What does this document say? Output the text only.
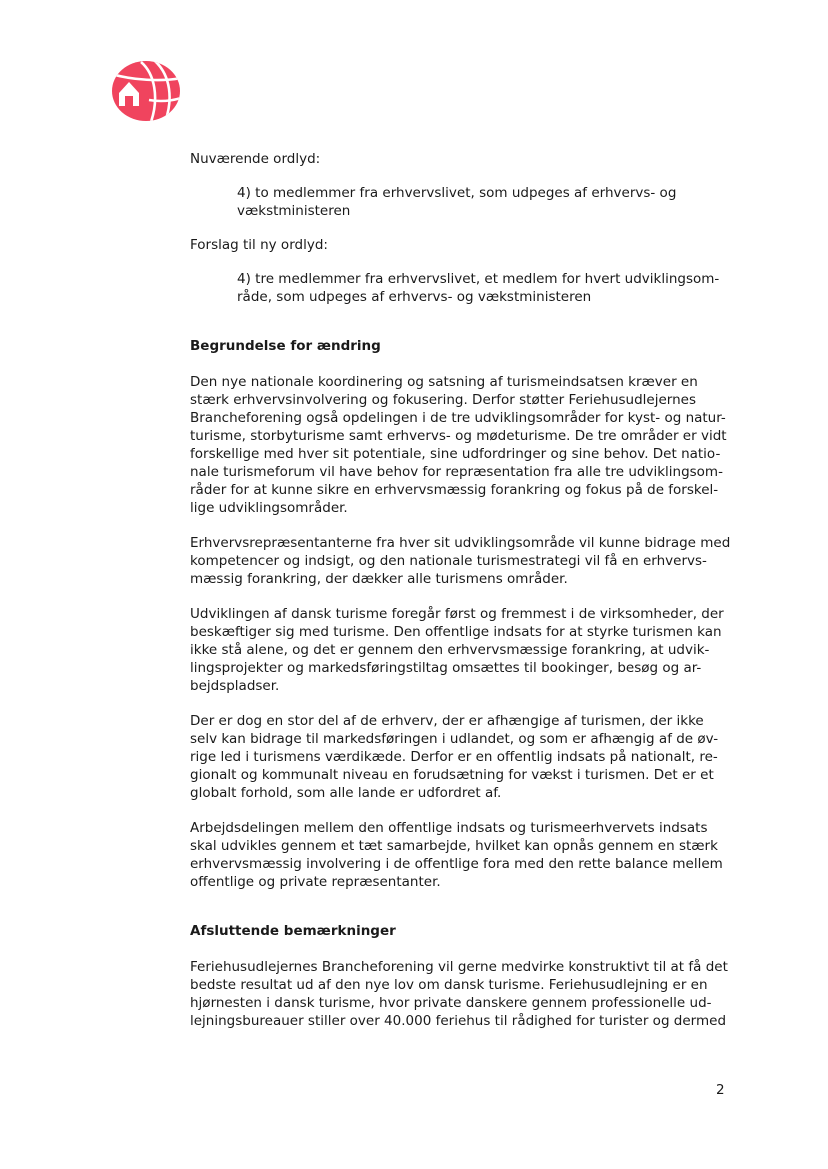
Nuværende ordlyd:

4) to medlemmer fra erhvervslivet, som udpeges af erhvervs- og
vækstministeren

Forslag til ny ordlyd:

4) tre medlemmer fra erhvervslivet, et medlem for hvert udviklingsom-
råde, som udpeges af erhvervs- og vækstministeren

Begrundelse for ændring

Den nye nationale koordinering og satsning af turismeindsatsen kræver en
stærk erhvervsinvolvering og fokusering. Derfor støtter Feriehusudlejernes
Brancheforening også opdelingen i de tre udviklingsområder for kyst- og natur-
turisme, storbyturisme samt erhvervs- og mødeturisme. De tre områder er vidt
forskellige med hver sit potentiale, sine udfordringer og sine behov. Det natio-
nale turismeforum vil have behov for repræsentation fra alle tre udviklingsom-
råder for at kunne sikre en erhvervsmæssig forankring og fokus på de forskel-
lige udviklingsområder.

Erhvervsrepræsentanterne fra hver sit udviklingsområde vil kunne bidrage med
kompetencer og indsigt, og den nationale turismestrategi vil få en erhvervs-
mæssig forankring, der dækker alle turismens områder.

Udviklingen af dansk turisme foregår først og fremmest i de virksomheder, der
beskæftiger sig med turisme. Den offentlige indsats for at styrke turismen kan
ikke stå alene, og det er gennem den erhvervsmæssige forankring, at udvik-
lingsprojekter og markedsføringstiltag omsættes til bookinger, besøg og ar-
bejdspladser.

Der er dog en stor del af de erhverv, der er afhængige af turismen, der ikke
selv kan bidrage til markedsføringen i udlandet, og som er afhængig af de øv-
rige led i turismens værdikæde. Derfor er en offentlig indsats på nationalt, re-
gionalt og kommunalt niveau en forudsætning for vækst i turismen. Det er et
globalt forhold, som alle lande er udfordret af.

Arbejdsdelingen mellem den offentlige indsats og turismeerhvervets indsats
skal udvikles gennem et tæt samarbejde, hvilket kan opnås gennem en stærk
erhvervsmæssig involvering i de offentlige fora med den rette balance mellem
offentlige og private repræsentanter.

Afsluttende bemærkninger

Feriehusudlejernes Brancheforening vil gerne medvirke konstruktivt til at få det
bedste resultat ud af den nye lov om dansk turisme. Feriehusudlejning er en
hjørnesten i dansk turisme, hvor private danskere gennem professionelle ud-
lejningsbureauer stiller over 40.000 feriehus til rådighed for turister og dermed

2
